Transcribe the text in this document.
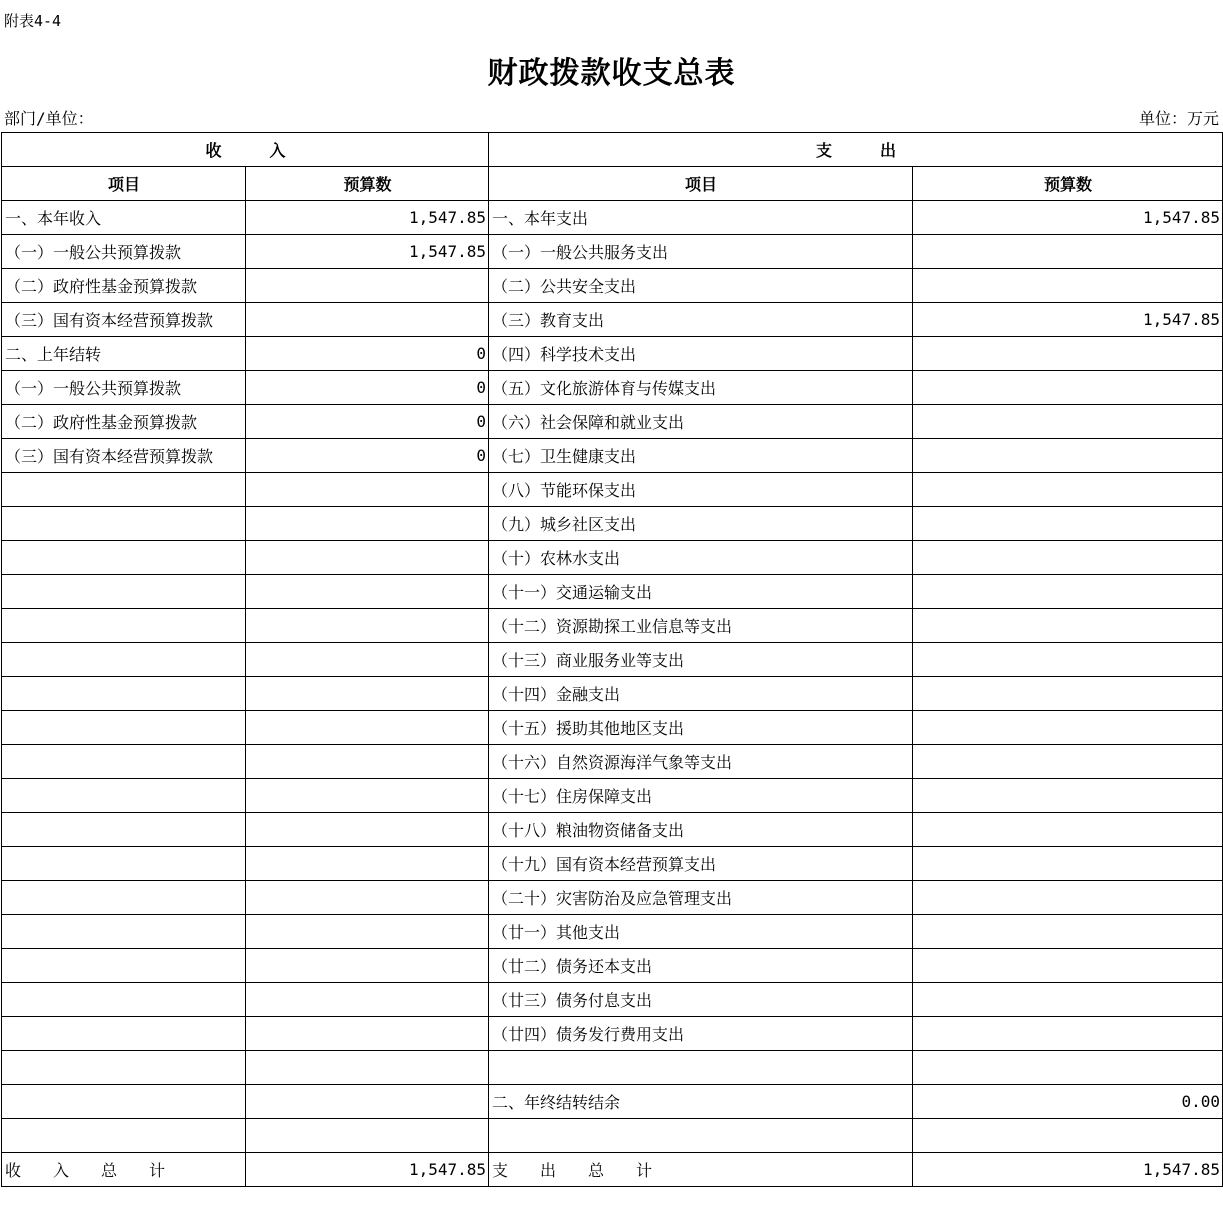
附表4-4
财政拨款收支总表
部门/单位：	单位：万元
收　　　入		支　　　出	
项目	预算数	项目	预算数
一、本年收入	1,547.85	一、本年支出	1,547.85
（一）一般公共预算拨款	1,547.85	（一）一般公共服务支出	
（二）政府性基金预算拨款		（二）公共安全支出	
（三）国有资本经营预算拨款		（三）教育支出	1,547.85
二、上年结转	0	（四）科学技术支出	
（一）一般公共预算拨款	0	（五）文化旅游体育与传媒支出	
（二）政府性基金预算拨款	0	（六）社会保障和就业支出	
（三）国有资本经营预算拨款	0	（七）卫生健康支出	
		（八）节能环保支出	
		（九）城乡社区支出	
		（十）农林水支出	
		（十一）交通运输支出	
		（十二）资源勘探工业信息等支出	
		（十三）商业服务业等支出	
		（十四）金融支出	
		（十五）援助其他地区支出	
		（十六）自然资源海洋气象等支出	
		（十七）住房保障支出	
		（十八）粮油物资储备支出	
		（十九）国有资本经营预算支出	
		（二十）灾害防治及应急管理支出	
		（廿一）其他支出	
		（廿二）债务还本支出	
		（廿三）债务付息支出	
		（廿四）债务发行费用支出	

		二、年终结转结余	0.00

收　　入　　总　　计	1,547.85	支　　出　　总　　计	1,547.85
